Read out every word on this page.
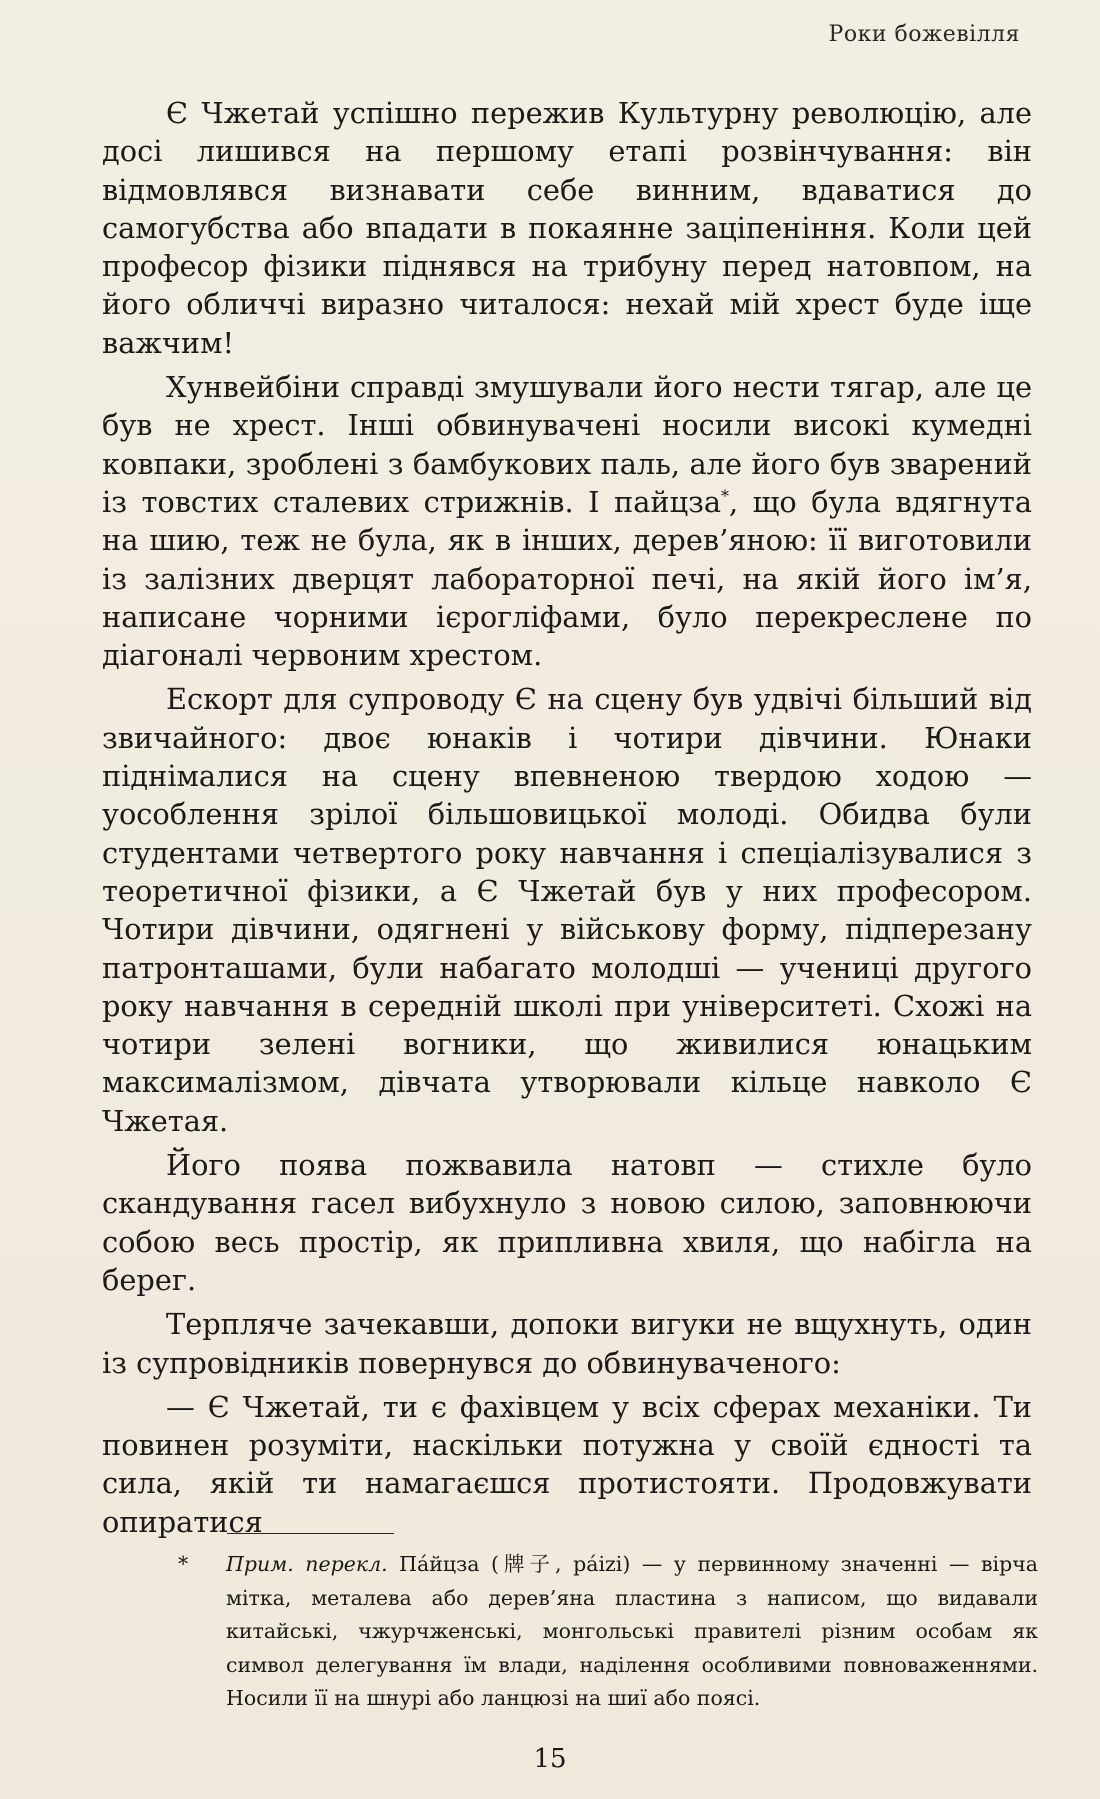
Роки божевілля

Є Чжетай успішно пережив Культурну революцію, але досі лишився на першому етапі розвінчування: він відмовлявся визнавати себе винним, вдаватися до самогубства або впадати в покаянне заціпеніння. Коли цей професор фізики піднявся на трибуну перед натовпом, на його обличчі виразно читалося: нехай мій хрест буде іще важчим!

Хунвейбіни справді змушували його нести тягар, але це був не хрест. Інші обвинувачені носили високі кумедні ковпаки, зроблені з бамбукових паль, але його був зварений із товстих сталевих стрижнів. І пайцза*, що була вдягнута на шию, теж не була, як в інших, дерев’яною: її виготовили із залізних дверцят лабораторної печі, на якій його ім’я, написане чорними ієрогліфами, було перекреслене по діагоналі червоним хрестом.

Ескорт для супроводу Є на сцену був удвічі більший від звичайного: двоє юнаків і чотири дівчини. Юнаки піднімалися на сцену впевненою твердою ходою — уособлення зрілої більшовицької молоді. Обидва були студентами четвертого року навчання і спеціалізувалися з теоретичної фізики, а Є Чжетай був у них професором. Чотири дівчини, одягнені у військову форму, підперезану патронташами, були набагато молодші — учениці другого року навчання в середній школі при університеті. Схожі на чотири зелені вогники, що живилися юнацьким максималізмом, дівчата утворювали кільце навколо Є Чжетая.

Його поява пожвавила натовп — стихле було скандування гасел вибухнуло з новою силою, заповнюючи собою весь простір, як припливна хвиля, що набігла на берег.

Терпляче зачекавши, допоки вигуки не вщухнуть, один із супровідників повернувся до обвинуваченого:

— Є Чжетай, ти є фахівцем у всіх сферах механіки. Ти повинен розуміти, наскільки потужна у своїй єдності та сила, якій ти намагаєшся протистояти. Продовжувати опиратися

* Прим. перекл. Пáйцза (牌子, páizi) — у первинному значенні — вірча мітка, металева або дерев’яна пластина з написом, що видавали китайські, чжурчженські, монгольські правителі різним особам як символ делегування їм влади, наділення особливими повноваженнями. Носили її на шнурі або ланцюзі на шиї або поясі.
15
